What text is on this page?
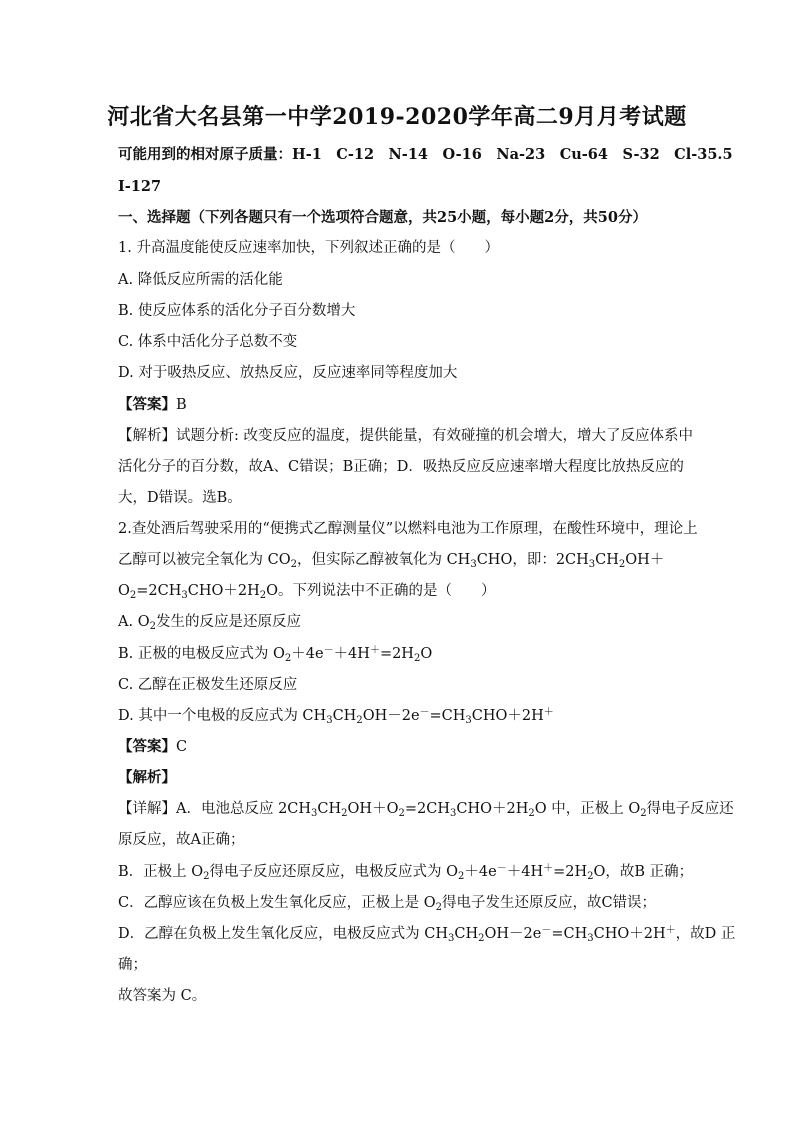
河北省大名县第一中学2019-2020学年高二9月月考试题
可能用到的相对原子质量：H-1　C-12　N-14　O-16　Na-23　Cu-64　S-32　Cl-35.5
I-127
一、选择题（下列各题只有一个选项符合题意，共25小题，每小题2分，共50分）
1. 升高温度能使反应速率加快，下列叙述正确的是（　　）
A. 降低反应所需的活化能
B. 使反应体系的活化分子百分数增大
C. 体系中活化分子总数不变
D. 对于吸热反应、放热反应，反应速率同等程度加大
【答案】B
【解析】试题分析: 改变反应的温度，提供能量，有效碰撞的机会增大，增大了反应体系中
活化分子的百分数，故A、C错误；B正确；D．吸热反应反应速率增大程度比放热反应的
大，D错误。选B。
2.查处酒后驾驶采用的“便携式乙醇测量仪”以燃料电池为工作原理，在酸性环境中，理论上
乙醇可以被完全氧化为 $CO_2$，但实际乙醇被氧化为 $CH_3CHO$，即：$2CH_3CH_2OH+$
$O_2=2CH_3CHO+2H_2O$。下列说法中不正确的是（　　）
A. $O_2$发生的反应是还原反应
B. 正极的电极反应式为 $O_2+4e^-+4H^+=2H_2O$
C. 乙醇在正极发生还原反应
D. 其中一个电极的反应式为 $CH_3CH_2OH-2e^-=CH_3CHO+2H^+$
【答案】C
【解析】
【详解】A．电池总反应 $2CH_3CH_2OH+O_2=2CH_3CHO+2H_2O$ 中，正极上 $O_2$得电子反应还
原反应，故A正确；
B．正极上 $O_2$得电子反应还原反应，电极反应式为 $O_2+4e^-+4H^+=2H_2O$，故B 正确；
C．乙醇应该在负极上发生氧化反应，正极上是 $O_2$得电子发生还原反应，故C错误；
D．乙醇在负极上发生氧化反应，电极反应式为 $CH_3CH_2OH-2e^-=CH_3CHO+2H^+$，故D 正
确；
故答案为 C。
